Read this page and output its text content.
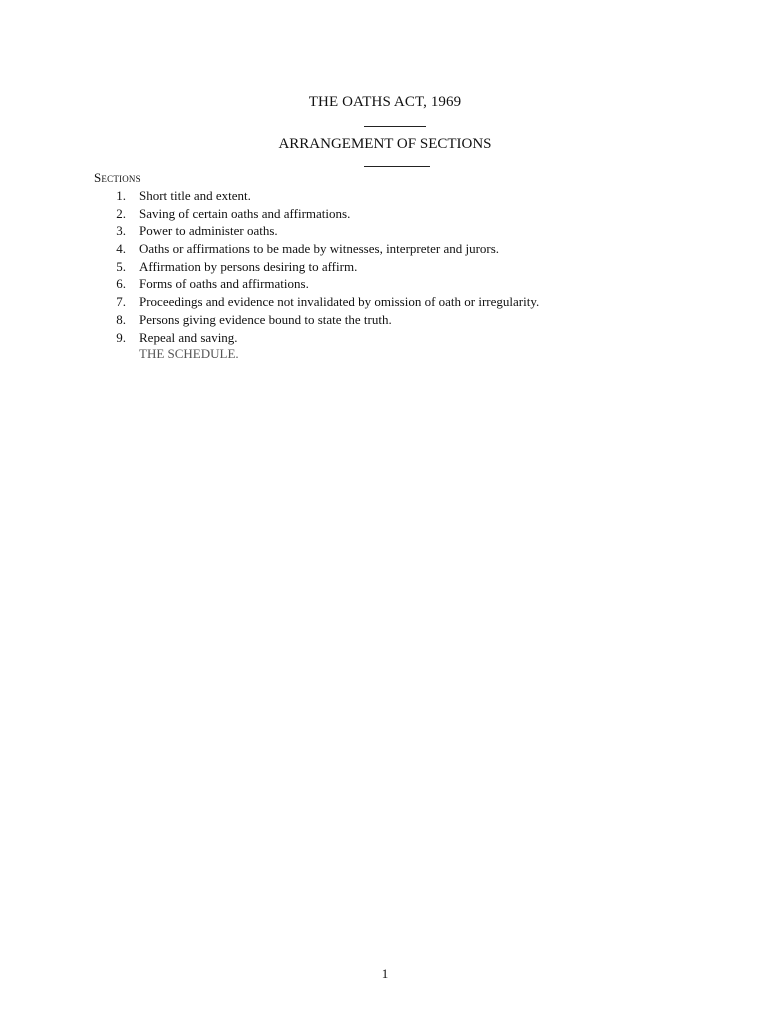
THE OATHS ACT, 1969
ARRANGEMENT OF SECTIONS
Sections
1.	Short title and extent.
2.	Saving of certain oaths and affirmations.
3.	Power to administer oaths.
4.	Oaths or affirmations to be made by witnesses, interpreter and jurors.
5.	Affirmation by persons desiring to affirm.
6.	Forms of oaths and affirmations.
7.	Proceedings and evidence not invalidated by omission of oath or irregularity.
8.	Persons giving evidence bound to state the truth.
9.	Repeal and saving.
THE SCHEDULE.
1
